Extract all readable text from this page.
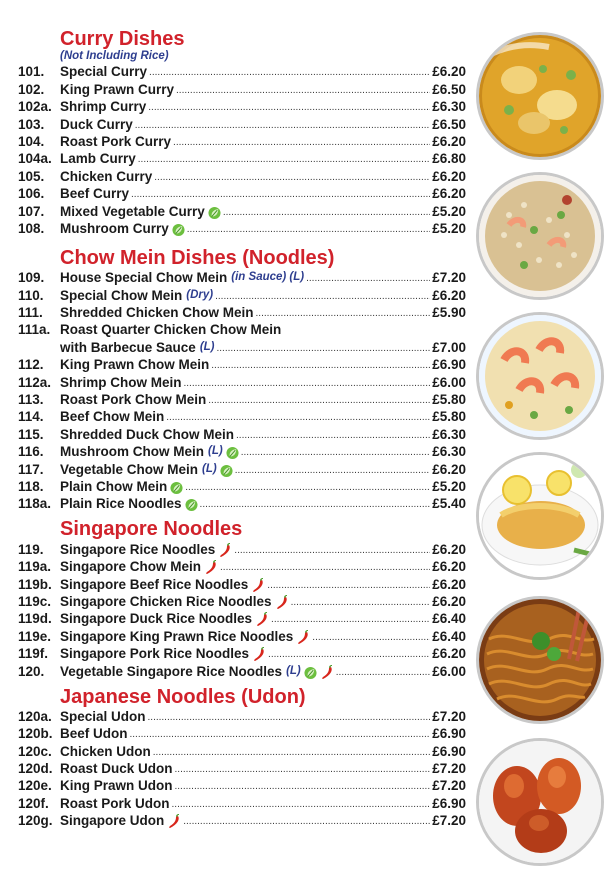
Curry Dishes
(Not Including Rice)
101.	Special Curry .....	£6.20
102.	King Prawn Curry .....	£6.50
102a. Shrimp Curry .....	£6.30
103.	Duck Curry .....	£6.50
104.	Roast Pork Curry .....	£6.20
104a. Lamb Curry .....	£6.80
105.	Chicken Curry .....	£6.20
106.	Beef Curry .....	£6.20
107.	Mixed Vegetable Curry .....	£5.20
108.	Mushroom Curry .....	£5.20
Chow Mein Dishes (Noodles)
109.	House Special Chow Mein (in Sauce) (L) .....	£7.20
110.	Special Chow Mein (Dry) .....	£6.20
111.	Shredded Chicken Chow Mein .....	£5.90
111a. Roast Quarter Chicken Chow Mein
with Barbecue Sauce (L) .....	£7.00
112.	King Prawn Chow Mein .....	£6.90
112a. Shrimp Chow Mein .....	£6.00
113.	Roast Pork Chow Mein .....	£5.80
114.	Beef Chow Mein .....	£5.80
115.	Shredded Duck Chow Mein .....	£6.30
116.	Mushroom Chow Mein (L) .....	£6.30
117.	Vegetable Chow Mein (L) .....	£6.20
118.	Plain Chow Mein .....	£5.20
118a. Plain Rice Noodles .....	£5.40
Singapore Noodles
119.	Singapore Rice Noodles .....	£6.20
119a. Singapore Chow Mein .....	£6.20
119b. Singapore Beef Rice Noodles .....	£6.20
119c. Singapore Chicken Rice Noodles .....	£6.20
119d. Singapore Duck Rice Noodles .....	£6.40
119e. Singapore King Prawn Rice Noodles .....	£6.40
119f. Singapore Pork Rice Noodles .....	£6.20
120.	Vegetable Singapore Rice Noodles (L) .....	£6.00
Japanese Noodles (Udon)
120a. Special Udon .....	£7.20
120b. Beef Udon .....	£6.90
120c. Chicken Udon .....	£6.90
120d. Roast Duck Udon .....	£7.20
120e. King Prawn Udon .....	£7.20
120f. Roast Pork Udon .....	£6.90
120g. Singapore Udon .....	£7.20
